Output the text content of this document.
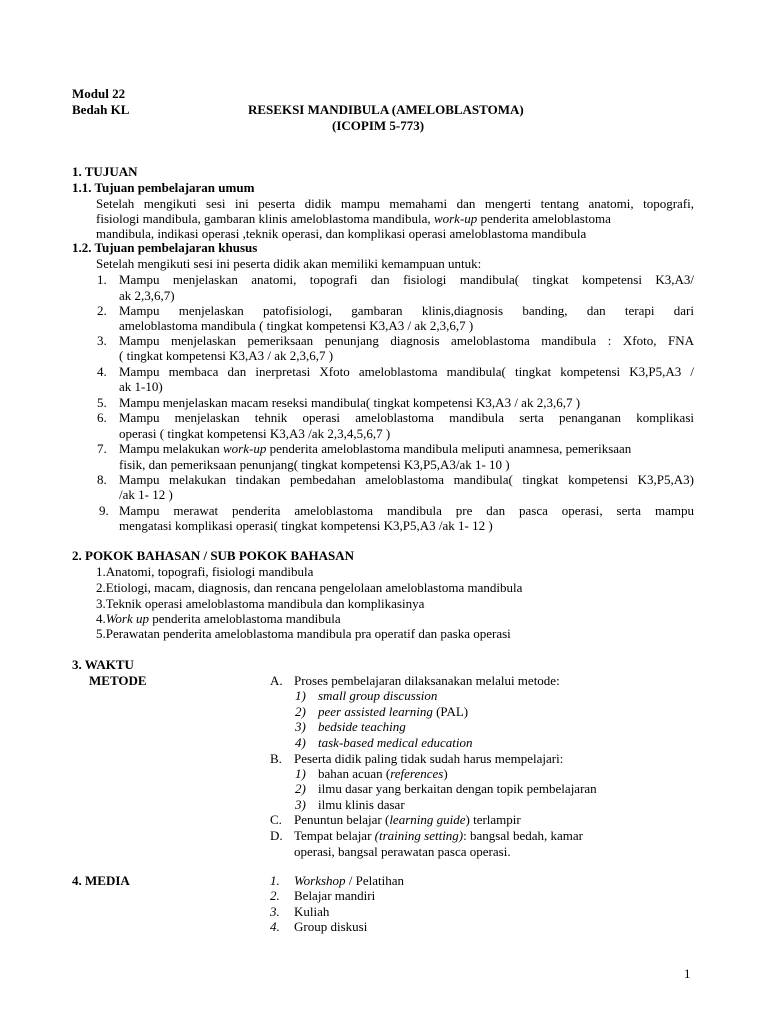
Modul 22
Bedah KL	RESEKSI MANDIBULA (AMELOBLASTOMA)
(ICOPIM 5-773)
1. TUJUAN
1.1. Tujuan pembelajaran umum
Setelah mengikuti sesi ini peserta didik mampu memahami dan mengerti tentang anatomi, topografi,
fisiologi mandibula, gambaran klinis ameloblastoma mandibula, work-up penderita ameloblastoma
mandibula, indikasi operasi ,teknik operasi, dan komplikasi operasi ameloblastoma mandibula
1.2. Tujuan pembelajaran khusus
Setelah mengikuti sesi ini peserta didik akan memiliki kemampuan untuk:
1. Mampu menjelaskan anatomi, topografi dan fisiologi mandibula( tingkat kompetensi K3,A3/
ak 2,3,6,7)
2. Mampu menjelaskan patofisiologi, gambaran klinis,diagnosis banding, dan terapi dari
ameloblastoma mandibula ( tingkat kompetensi K3,A3 / ak 2,3,6,7 )
3. Mampu menjelaskan pemeriksaan penunjang diagnosis ameloblastoma mandibula : Xfoto, FNA
( tingkat kompetensi K3,A3 / ak 2,3,6,7 )
4. Mampu membaca dan inerpretasi Xfoto ameloblastoma mandibula( tingkat kompetensi K3,P5,A3 /
ak 1-10)
5. Mampu menjelaskan macam reseksi mandibula( tingkat kompetensi K3,A3 / ak 2,3,6,7 )
6. Mampu menjelaskan tehnik operasi ameloblastoma mandibula serta penanganan komplikasi
operasi ( tingkat kompetensi K3,A3 /ak 2,3,4,5,6,7 )
7. Mampu melakukan work-up penderita ameloblastoma mandibula meliputi anamnesa, pemeriksaan
fisik, dan pemeriksaan penunjang( tingkat kompetensi K3,P5,A3/ak 1- 10 )
8. Mampu melakukan tindakan pembedahan ameloblastoma mandibula( tingkat kompetensi K3,P5,A3)
/ak 1- 12 )
9. Mampu merawat penderita ameloblastoma mandibula pre dan pasca operasi, serta mampu
mengatasi komplikasi operasi( tingkat kompetensi K3,P5,A3 /ak 1- 12 )
2. POKOK BAHASAN / SUB POKOK BAHASAN
1.Anatomi, topografi, fisiologi mandibula
2.Etiologi, macam, diagnosis, dan rencana pengelolaan ameloblastoma mandibula
3.Teknik operasi ameloblastoma mandibula dan komplikasinya
4.Work up penderita ameloblastoma mandibula
5.Perawatan penderita ameloblastoma mandibula pra operatif dan paska operasi
3. WAKTU
METODE	A. Proses pembelajaran dilaksanakan melalui metode:
1) small group discussion
2) peer assisted learning (PAL)
3) bedside teaching
4) task-based medical education
B. Peserta didik paling tidak sudah harus mempelajari:
1) bahan acuan (references)
2) ilmu dasar yang berkaitan dengan topik pembelajaran
3) ilmu klinis dasar
C. Penuntun belajar (learning guide) terlampir
D. Tempat belajar (training setting): bangsal bedah, kamar
operasi, bangsal perawatan pasca operasi.
4. MEDIA	1. Workshop / Pelatihan
2. Belajar mandiri
3. Kuliah
4. Group diskusi
1
